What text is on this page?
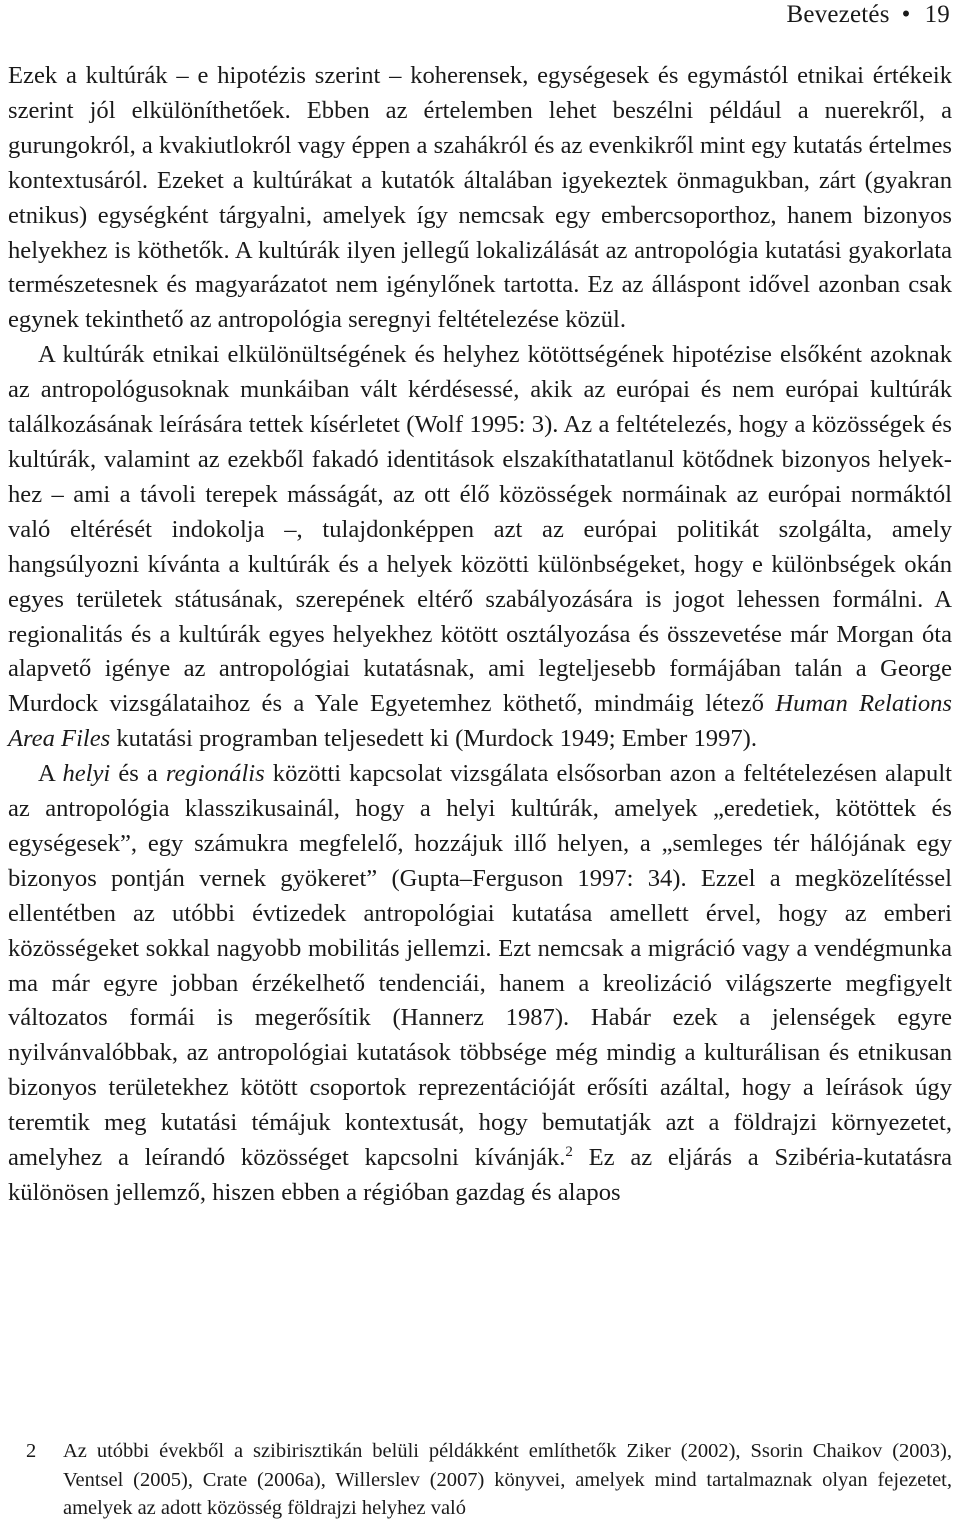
Bevezetés • 19

Ezek a kultúrák – e hipotézis szerint – koherensek, egységesek és egymástól etnikai értékeik szerint jól elkülöníthetőek. Ebben az értelemben lehet beszélni például a nuerekről, a gurungokról, a kvakiutlokról vagy éppen a szahákról és az evenkikről mint egy kutatás értelmes kontextusáról. Ezeket a kultúrákat a kutatók általában igyekeztek önmagukban, zárt (gyakran etnikus) egységként tárgyalni, amelyek így nemcsak egy embercsoporthoz, hanem bizonyos helyekhez is köthetők. A kultúrák ilyen jellegű lokalizálását az antropológia kutatási gyakorlata természetesnek és magyarázatot nem igénylőnek tartotta. Ez az álláspont idővel azonban csak egynek tekinthető az antropológia seregnyi feltételezése közül.

A kultúrák etnikai elkülönültségének és helyhez kötöttségének hipotézise elsőként azoknak az antropológusoknak munkáiban vált kérdésessé, akik az európai és nem európai kultúrák találkozásának leírására tettek kísérletet (Wolf 1995: 3). Az a feltételezés, hogy a közösségek és kultúrák, valamint az ezekből fakadó identitások elszakíthatatlanul kötődnek bizonyos helyekhez – ami a távoli terepek másságát, az ott élő közösségek normáinak az európai normáktól való eltérését indokolja –, tulajdonképpen azt az európai politikát szolgálta, amely hangsúlyozni kívánta a kultúrák és a helyek közötti különbségeket, hogy e különbségek okán egyes területek státusának, szerepének eltérő szabályozására is jogot lehessen formálni. A regionalitás és a kultúrák egyes helyekhez kötött osztályozása és összevetése már Morgan óta alapvető igénye az antropológiai kutatásnak, ami legteljesebb formájában talán a George Murdock vizsgálataihoz és a Yale Egyetemhez köthető, mindmáig létező Human Relations Area Files kutatási programban teljesedett ki (Murdock 1949; Ember 1997).

A helyi és a regionális közötti kapcsolat vizsgálata elsősorban azon a feltételezésen alapult az antropológia klasszikusainál, hogy a helyi kultúrák, amelyek „eredetiek, kötöttek és egységesek”, egy számukra megfelelő, hozzájuk illő helyen, a „semleges tér hálójának egy bizonyos pontján vernek gyökeret” (Gupta–Ferguson 1997: 34). Ezzel a megközelítéssel ellentétben az utóbbi évtizedek antropológiai kutatása amellett érvel, hogy az emberi közösségeket sokkal nagyobb mobilitás jellemzi. Ezt nemcsak a migráció vagy a vendégmunka ma már egyre jobban érzékelhető tendenciái, hanem a kreolizáció világszerte megfigyelt változatos formái is megerősítik (Hannerz 1987). Habár ezek a jelenségek egyre nyilvánvalóbbak, az antropológiai kutatások többsége még mindig a kulturálisan és etnikusan bizonyos területekhez kötött csoportok reprezentációját erősíti azáltal, hogy a leírások úgy teremtik meg kutatási témájuk kontextusát, hogy bemutatják azt a földrajzi környezetet, amelyhez a leírandó közösséget kapcsolni kívánják.$^2$ Ez az eljárás a Szibéria-kutatásra különösen jellemző, hiszen ebben a régióban gazdag és alapos

2 Az utóbbi évekből a szibirisztikán belüli példákként említhetők Ziker (2002), Ssorin Chaikov (2003), Ventsel (2005), Crate (2006a), Willerslev (2007) könyvei, amelyek mind tartalmaznak olyan fejezetet, amelyek az adott közösség földrajzi helyhez való
